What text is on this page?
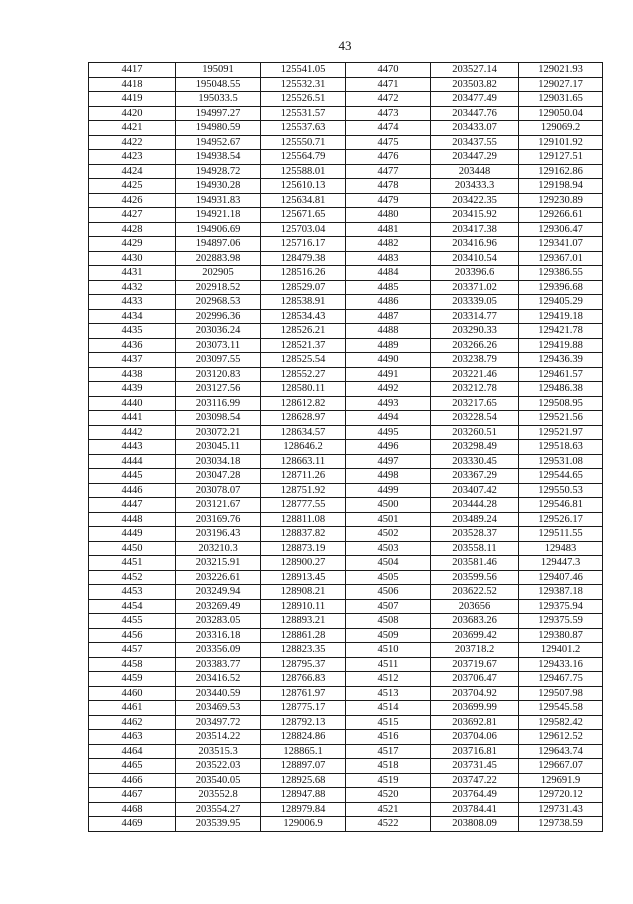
43
4417	195091	125541.05	4470	203527.14	129021.93
4418	195048.55	125532.31	4471	203503.82	129027.17
4419	195033.5	125526.51	4472	203477.49	129031.65
4420	194997.27	125531.57	4473	203447.76	129050.04
4421	194980.59	125537.63	4474	203433.07	129069.2
4422	194952.67	125550.71	4475	203437.55	129101.92
4423	194938.54	125564.79	4476	203447.29	129127.51
4424	194928.72	125588.01	4477	203448	129162.86
4425	194930.28	125610.13	4478	203433.3	129198.94
4426	194931.83	125634.81	4479	203422.35	129230.89
4427	194921.18	125671.65	4480	203415.92	129266.61
4428	194906.69	125703.04	4481	203417.38	129306.47
4429	194897.06	125716.17	4482	203416.96	129341.07
4430	202883.98	128479.38	4483	203410.54	129367.01
4431	202905	128516.26	4484	203396.6	129386.55
4432	202918.52	128529.07	4485	203371.02	129396.68
4433	202968.53	128538.91	4486	203339.05	129405.29
4434	202996.36	128534.43	4487	203314.77	129419.18
4435	203036.24	128526.21	4488	203290.33	129421.78
4436	203073.11	128521.37	4489	203266.26	129419.88
4437	203097.55	128525.54	4490	203238.79	129436.39
4438	203120.83	128552.27	4491	203221.46	129461.57
4439	203127.56	128580.11	4492	203212.78	129486.38
4440	203116.99	128612.82	4493	203217.65	129508.95
4441	203098.54	128628.97	4494	203228.54	129521.56
4442	203072.21	128634.57	4495	203260.51	129521.97
4443	203045.11	128646.2	4496	203298.49	129518.63
4444	203034.18	128663.11	4497	203330.45	129531.08
4445	203047.28	128711.26	4498	203367.29	129544.65
4446	203078.07	128751.92	4499	203407.42	129550.53
4447	203121.67	128777.55	4500	203444.28	129546.81
4448	203169.76	128811.08	4501	203489.24	129526.17
4449	203196.43	128837.82	4502	203528.37	129511.55
4450	203210.3	128873.19	4503	203558.11	129483
4451	203215.91	128900.27	4504	203581.46	129447.3
4452	203226.61	128913.45	4505	203599.56	129407.46
4453	203249.94	128908.21	4506	203622.52	129387.18
4454	203269.49	128910.11	4507	203656	129375.94
4455	203283.05	128893.21	4508	203683.26	129375.59
4456	203316.18	128861.28	4509	203699.42	129380.87
4457	203356.09	128823.35	4510	203718.2	129401.2
4458	203383.77	128795.37	4511	203719.67	129433.16
4459	203416.52	128766.83	4512	203706.47	129467.75
4460	203440.59	128761.97	4513	203704.92	129507.98
4461	203469.53	128775.17	4514	203699.99	129545.58
4462	203497.72	128792.13	4515	203692.81	129582.42
4463	203514.22	128824.86	4516	203704.06	129612.52
4464	203515.3	128865.1	4517	203716.81	129643.74
4465	203522.03	128897.07	4518	203731.45	129667.07
4466	203540.05	128925.68	4519	203747.22	129691.9
4467	203552.8	128947.88	4520	203764.49	129720.12
4468	203554.27	128979.84	4521	203784.41	129731.43
4469	203539.95	129006.9	4522	203808.09	129738.59
